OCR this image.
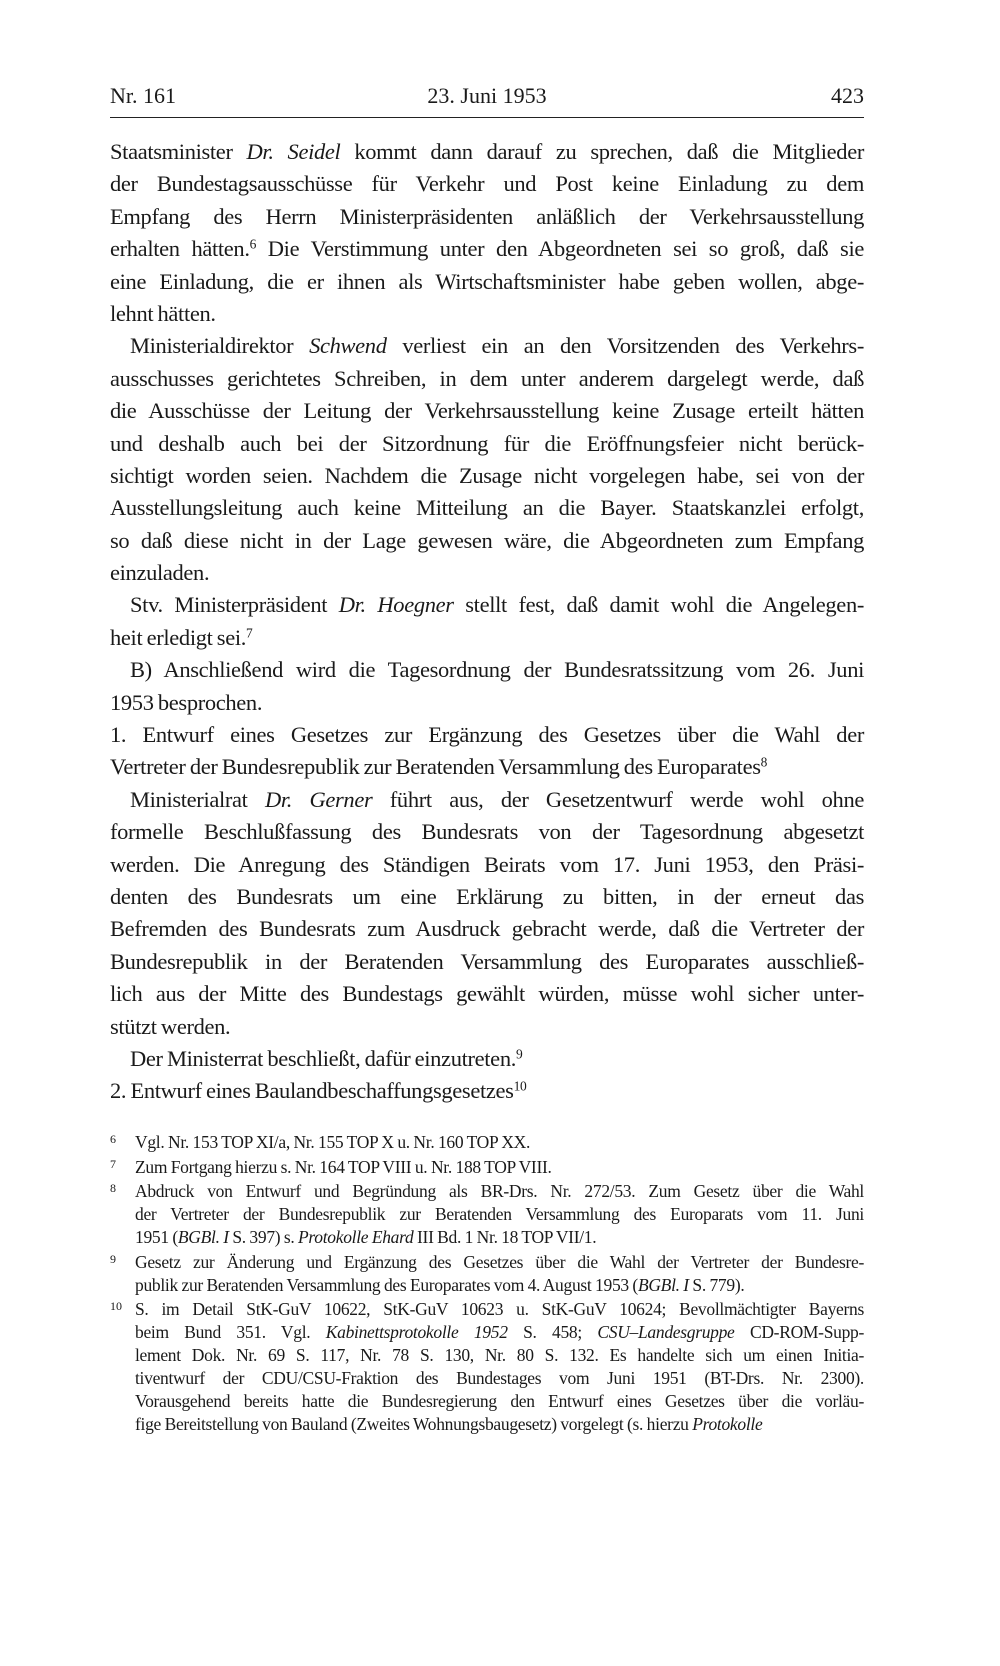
Nr. 161	23. Juni 1953	423
Staatsminister Dr. Seidel kommt dann darauf zu sprechen, daß die Mitglieder
der Bundestagsausschüsse für Verkehr und Post keine Einladung zu dem
Empfang des Herrn Ministerpräsidenten anläßlich der Verkehrsausstellung
erhalten hätten.$^6$ Die Verstimmung unter den Abgeordneten sei so groß, daß sie
eine Einladung, die er ihnen als Wirtschaftsminister habe geben wollen, abge-
lehnt hätten.
Ministerialdirektor Schwend verliest ein an den Vorsitzenden des Verkehrs-
ausschusses gerichtetes Schreiben, in dem unter anderem dargelegt werde, daß
die Ausschüsse der Leitung der Verkehrsausstellung keine Zusage erteilt hätten
und deshalb auch bei der Sitzordnung für die Eröffnungsfeier nicht berück-
sichtigt worden seien. Nachdem die Zusage nicht vorgelegen habe, sei von der
Ausstellungsleitung auch keine Mitteilung an die Bayer. Staatskanzlei erfolgt,
so daß diese nicht in der Lage gewesen wäre, die Abgeordneten zum Empfang
einzuladen.
Stv. Ministerpräsident Dr. Hoegner stellt fest, daß damit wohl die Angelegen-
heit erledigt sei.$^7$
B) Anschließend wird die Tagesordnung der Bundesratssitzung vom 26. Juni
1953 besprochen.
1. Entwurf eines Gesetzes zur Ergänzung des Gesetzes über die Wahl der
Vertreter der Bundesrepublik zur Beratenden Versammlung des Europarates$^8$
Ministerialrat Dr. Gerner führt aus, der Gesetzentwurf werde wohl ohne
formelle Beschlußfassung des Bundesrats von der Tagesordnung abgesetzt
werden. Die Anregung des Ständigen Beirats vom 17. Juni 1953, den Präsi-
denten des Bundesrats um eine Erklärung zu bitten, in der erneut das
Befremden des Bundesrats zum Ausdruck gebracht werde, daß die Vertreter der
Bundesrepublik in der Beratenden Versammlung des Europarates ausschließ-
lich aus der Mitte des Bundestags gewählt würden, müsse wohl sicher unter-
stützt werden.
Der Ministerrat beschließt, dafür einzutreten.$^9$
2. Entwurf eines Baulandbeschaffungsgesetzes$^{10}$
6 Vgl. Nr. 153 TOP XI/a, Nr. 155 TOP X u. Nr. 160 TOP XX.
7 Zum Fortgang hierzu s. Nr. 164 TOP VIII u. Nr. 188 TOP VIII.
8 Abdruck von Entwurf und Begründung als BR-Drs. Nr. 272/53. Zum Gesetz über die Wahl
der Vertreter der Bundesrepublik zur Beratenden Versammlung des Europarats vom 11. Juni
1951 (BGBl. I S. 397) s. Protokolle Ehard III Bd. 1 Nr. 18 TOP VII/1.
9 Gesetz zur Änderung und Ergänzung des Gesetzes über die Wahl der Vertreter der Bundesre-
publik zur Beratenden Versammlung des Europarates vom 4. August 1953 (BGBl. I S. 779).
10 S. im Detail StK-GuV 10622, StK-GuV 10623 u. StK-GuV 10624; Bevollmächtigter Bayerns
beim Bund 351. Vgl. Kabinettsprotokolle 1952 S. 458; CSU–Landesgruppe CD-ROM-Supp-
lement Dok. Nr. 69 S. 117, Nr. 78 S. 130, Nr. 80 S. 132. Es handelte sich um einen Initia-
tiventwurf der CDU/CSU-Fraktion des Bundestages vom Juni 1951 (BT-Drs. Nr. 2300).
Vorausgehend bereits hatte die Bundesregierung den Entwurf eines Gesetzes über die vorläu-
fige Bereitstellung von Bauland (Zweites Wohnungsbaugesetz) vorgelegt (s. hierzu Protokolle
